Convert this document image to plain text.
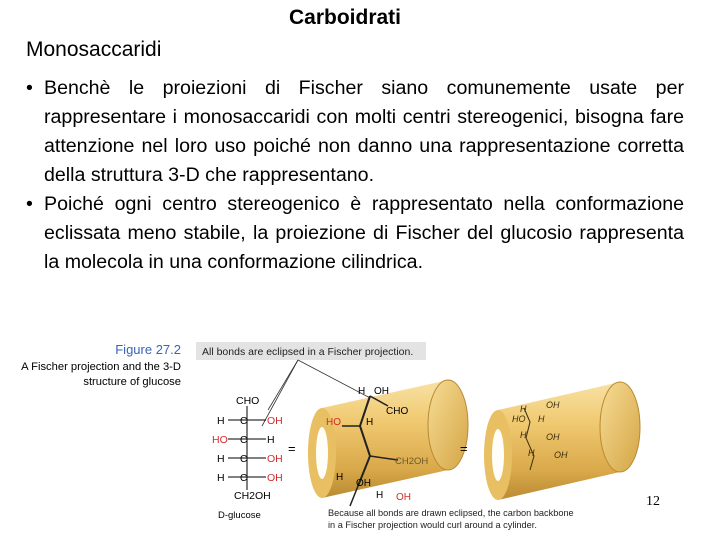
Carboidrati
Monosaccaridi
• Benchè le proiezioni di Fischer siano comunemente usate per rappresentare i monosaccaridi con molti centri stereogenici, bisogna fare attenzione nel loro uso poiché non danno una rappresentazione corretta della struttura 3-D che rappresentano.
• Poiché ogni centro stereogenico è rappresentato nella conformazione eclissata meno stabile, la proiezione di Fischer del glucosio rappresenta la molecola in una conformazione cilindrica.
Figure 27.2
A Fischer projection and the 3-D structure of glucose
All bonds are eclipsed in a Fischer projection.
CHO
C
C
C
C
H	OH
HO	H
H	OH
H	OH
CH2OH
D-glucose
=
H OH
CHO
HO	H
CH2OH
H
OH
H OH
=
H OH
HO H
H OH
H OH
Because all bonds are drawn eclipsed, the carbon backbone
in a Fischer projection would curl around a cylinder.
12
